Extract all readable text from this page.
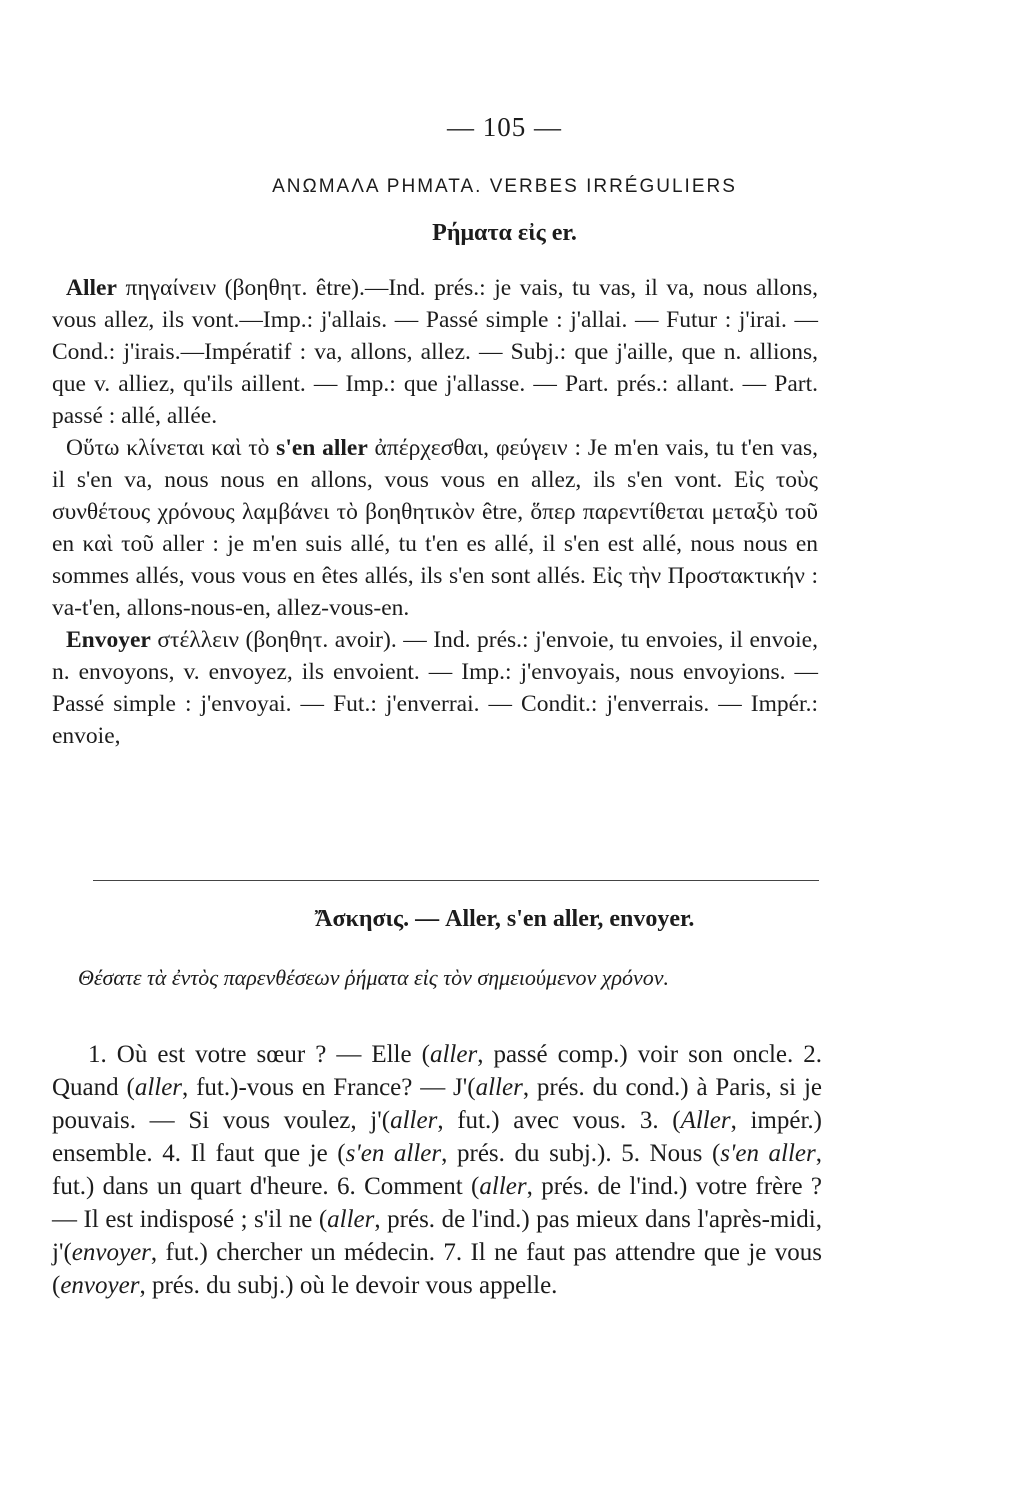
— 105 —
ΑΝΩΜΑΛΑ ΡΗΜΑΤΑ. VERBES IRRÉGULIERS
Ρήματα εἰς er.

Aller πηγαίνειν (βοηθητ. être).—Ind. prés.: je vais, tu vas, il va, nous allons, vous allez, ils vont.—Imp.: j'allais. — Passé simple : j'allai. — Futur : j'irai. — Cond.: j'irais.—Impératif : va, allons, allez. — Subj.: que j'aille, que n. allions, que v. alliez, qu'ils aillent. — Imp.: que j'allasse. — Part. prés.: allant. — Part. passé : allé, allée.

Οὕτω κλίνεται καὶ τὸ s'en aller ἀπέρχεσθαι, φεύγειν : Je m'en vais, tu t'en vas, il s'en va, nous nous en allons, vous vous en allez, ils s'en vont. Εἰς τοὺς συνθέτους χρόνους λαμβάνει τὸ βοηθητικὸν être, ὅπερ παρεντίθεται μεταξὺ τοῦ en καὶ τοῦ aller : je m'en suis allé, tu t'en es allé, il s'en est allé, nous nous en sommes allés, vous vous en êtes allés, ils s'en sont allés. Εἰς τὴν Προστακτικήν : va-t'en, allons-nous-en, allez-vous-en.

Envoyer στέλλειν (βοηθητ. avoir). — Ind. prés.: j'envoie, tu envoies, il envoie, n. envoyons, v. envoyez, ils envoient. — Imp.: j'envoyais, nous envoyions. — Passé simple : j'envoyai. — Fut.: j'enverrai. — Condit.: j'enverrais. — Impér.: envoie,

Ἄσκησις. — Aller, s'en aller, envoyer.

Θέσατε τὰ ἐντὸς παρενθέσεων ῥήματα εἰς τὸν σημειούμενον χρόνον.

1. Où est votre sœur ? — Elle (aller, passé comp.) voir son oncle. 2. Quand (aller, fut.)-vous en France? — J'(aller, prés. du cond.) à Paris, si je pouvais. — Si vous voulez, j'(aller, fut.) avec vous. 3. (Aller, impér.) ensemble. 4. Il faut que je (s'en aller, prés. du subj.). 5. Nous (s'en aller, fut.) dans un quart d'heure. 6. Comment (aller, prés. de l'ind.) votre frère ? — Il est indisposé ; s'il ne (aller, prés. de l'ind.) pas mieux dans l'après-midi, j'(envoyer, fut.) chercher un médecin. 7. Il ne faut pas attendre que je vous (envoyer, prés. du subj.) où le devoir vous appelle.
